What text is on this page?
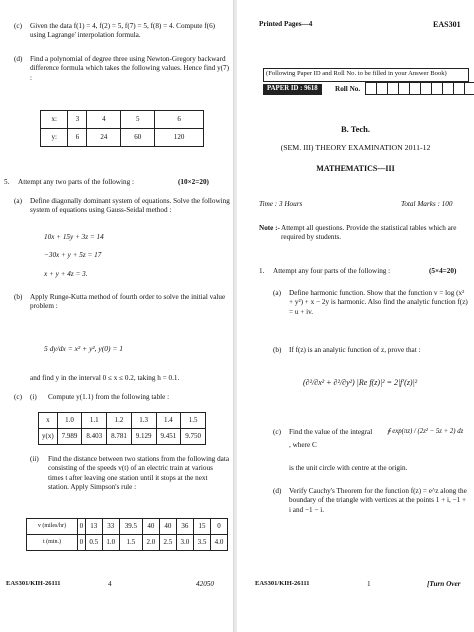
(c) Given the data f(1) = 4, f(2) = 5, f(7) = 5, f(8) = 4. Compute f(6) using Lagrange' interpolation formula.
(d) Find a polynomial of degree three using Newton-Gregory backward difference formula which takes the following values. Hence find y(7) :
x:	3	4	5	6
y:	6	24	60	120
5. Attempt any two parts of the following :	(10×2=20)
(a) Define diagonally dominant system of equations. Solve the following system of equations using Gauss-Seidal method :
10x + 15y + 3z = 14
−30x + y + 5z = 17
x + y + 4z = 3.
(b) Apply Runge-Kutta method of fourth order to solve the initial value problem :
5 dy/dx = x² + y², y(0) = 1
and find y in the interval 0 ≤ x ≤ 0.2, taking h = 0.1.
(c) (i) Compute y(1.1) from the following table :
x	1.0	1.1	1.2	1.3	1.4	1.5
y(x)	7.989	8.403	8.781	9.129	9.451	9.750
(ii) Find the distance between two stations from the following data consisting of the speeds v(t) of an electric train at various times t after leaving one station until it stops at the next station. Apply Simpson's rule :
v (miles/hr)	0	13	33	39.5	40	40	36	15	0
t (min.)	0	0.5	1.0	1.5	2.0	2.5	3.0	3.5	4.0
EAS301/KIH-26111	4	42050
Printed Pages—4	EAS301
(Following Paper ID and Roll No. to be filled in your Answer Book)
PAPER ID : 9618	Roll No.
B. Tech.
(SEM. III) THEORY EXAMINATION 2011-12
MATHEMATICS—III
Time : 3 Hours	Total Marks : 100
Note :- Attempt all questions. Provide the statistical tables which are required by students.
1. Attempt any four parts of the following :	(5×4=20)
(a) Define harmonic function. Show that the function v = log (x² + y²) + x − 2y is harmonic. Also find the analytic function f(z) = u + iv.
(b) If f(z) is an analytic function of z, prove that :
(∂²/∂x² + ∂²/∂y²) |Re f(z)|² = 2|f′(z)|²
(c) Find the value of the integral ∮ exp(πz) / (2z² − 5z + 2) dz
, where C
is the unit circle with centre at the origin.
(d) Verify Cauchy's Theorem for the function f(z) = e^z along the boundary of the triangle with vertices at the points 1 + i, −1 + i and −1 − i.
EAS301/KIH-26111	1	[Turn Over
